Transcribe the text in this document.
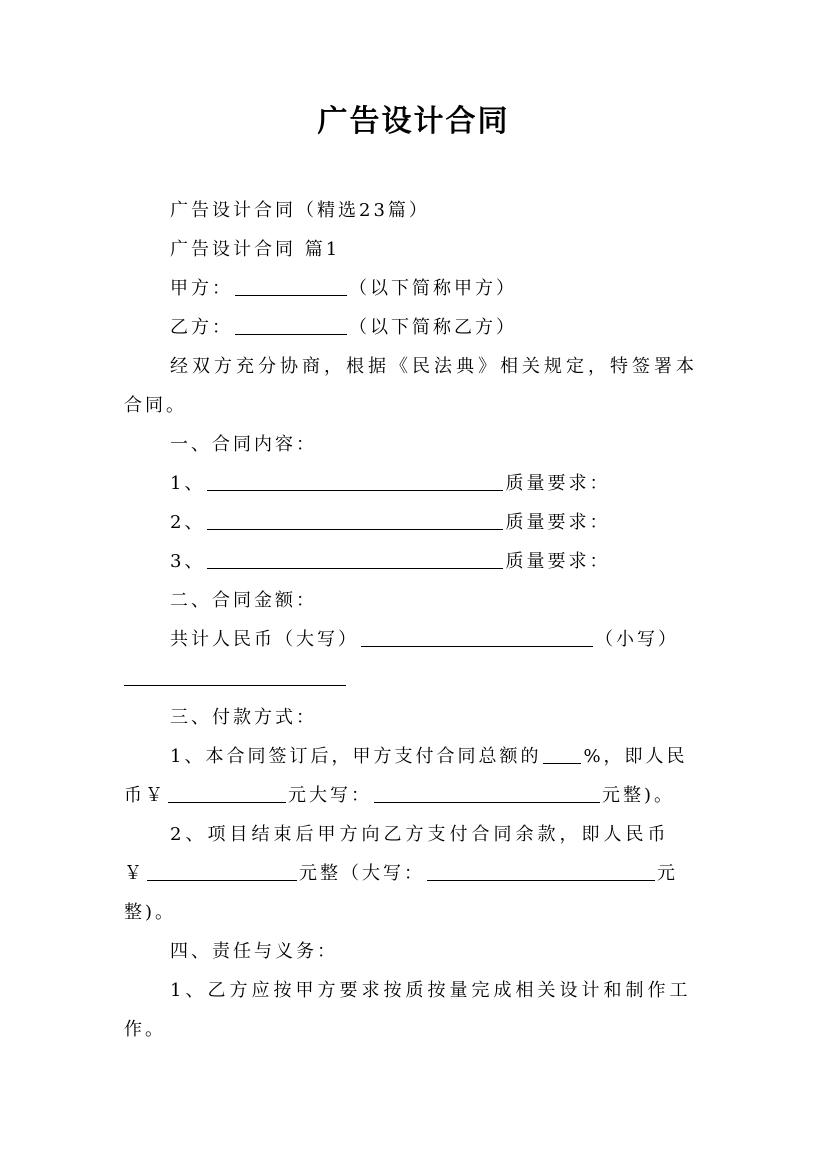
广告设计合同
广告设计合同（精选23篇）
广告设计合同 篇1
甲方：	（以下简称甲方）
乙方：	（以下简称乙方）
经双方充分协商，根据《民法典》相关规定，特签署本
合同。
一、合同内容：
1、	质量要求：
2、	质量要求：
3、	质量要求：
二、合同金额：
共计人民币（大写）	（小写）
三、付款方式：
1、本合同签订后，甲方支付合同总额的 %，即人民
币￥	元大写：	元整)。
2、项目结束后甲方向乙方支付合同余款，即人民币
￥	元整（大写：	元
整)。
四、责任与义务：
1、乙方应按甲方要求按质按量完成相关设计和制作工
作。
